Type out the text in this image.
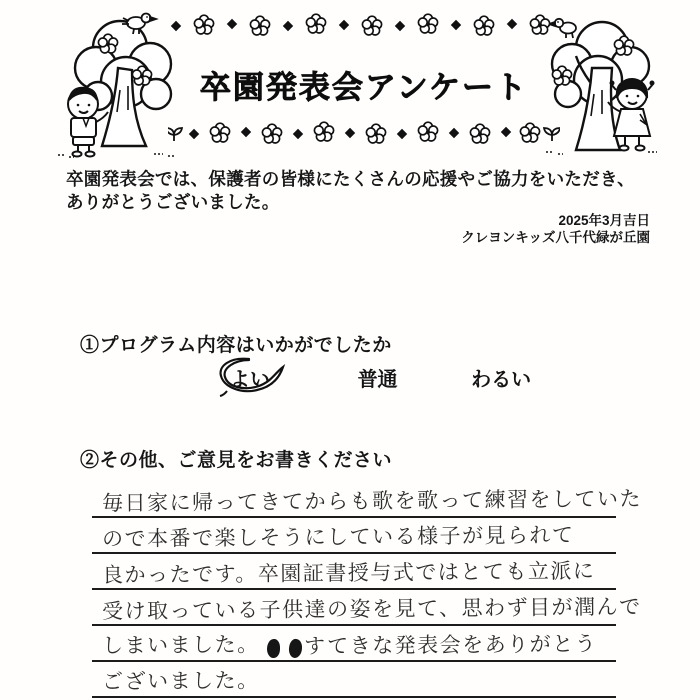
卒園発表会アンケート

卒園発表会では、保護者の皆様にたくさんの応援やご協力をいただき、

ありがとうございました。

2025年3月吉日
クレヨンキッズ八千代緑が丘園
①プログラム内容はいかがでしたか
よい	普通	わるい
②その他、ご意見をお書きください
毎日家に帰ってきてからも歌を歌って練習をしていた
ので本番で楽しそうにしている様子が見られて
良かったです。卒園証書授与式ではとても立派に
受け取っている子供達の姿を見て、思わず目が潤んで
しまいました。 すてきな発表会をありがとう
ございました。
